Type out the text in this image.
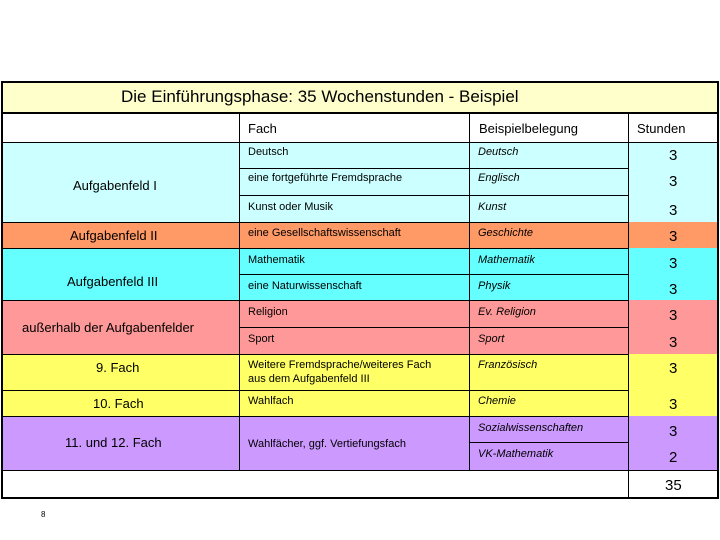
Die Einführungsphase: 35 Wochenstunden - Beispiel
Fach	Beispielbelegung	Stunden
Aufgabenfeld I
Aufgabenfeld II
Aufgabenfeld III
außerhalb der Aufgabenfelder
9. Fach
10. Fach
11. und 12. Fach
Deutsch
eine fortgeführte Fremdsprache
Kunst oder Musik
eine Gesellschaftswissenschaft
Mathematik
eine Naturwissenschaft
Religion
Sport
Weitere Fremdsprache/weiteres Fach
aus dem Aufgabenfeld III
Wahlfach
Wahlfächer, ggf. Vertiefungsfach
Deutsch
Englisch
Kunst
Geschichte
Mathematik
Physik
Ev. Religion
Sport
Französisch
Chemie
Sozialwissenschaften
VK-Mathematik
3
3
3
3
3
3
3
3
3
3
3
2
35
8
